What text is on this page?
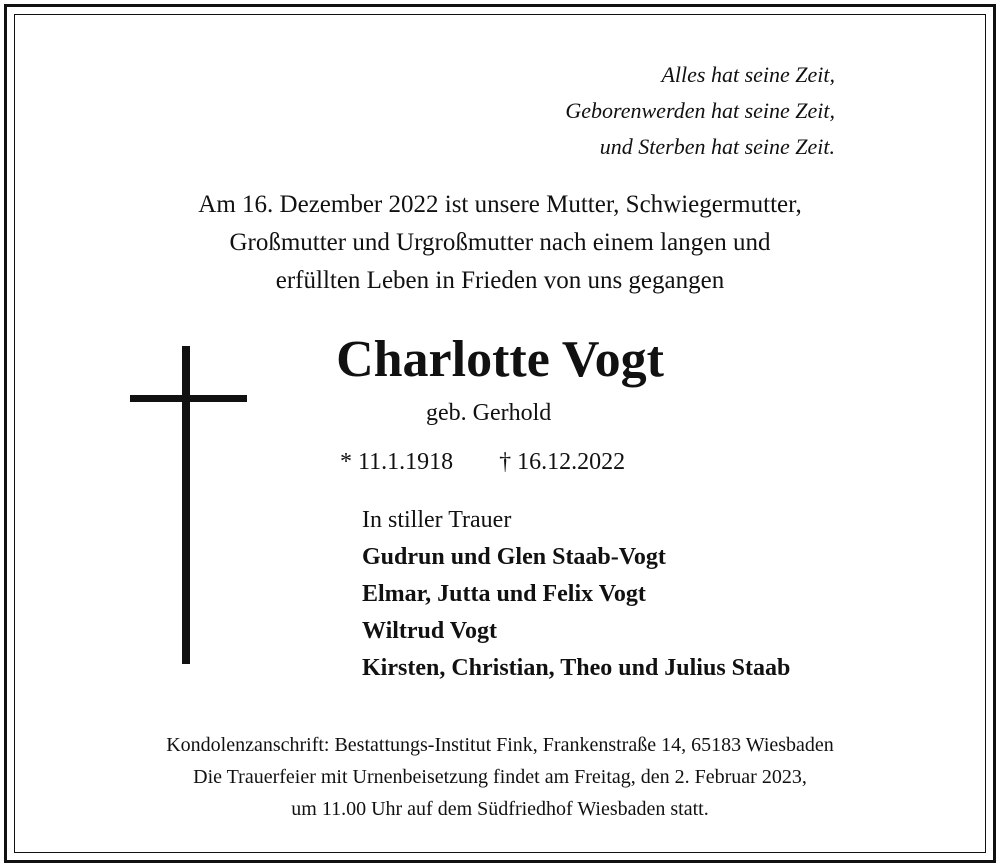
Alles hat seine Zeit,
Geborenwerden hat seine Zeit,
und Sterben hat seine Zeit.
Am 16. Dezember 2022 ist unsere Mutter, Schwiegermutter,
Großmutter und Urgroßmutter nach einem langen und
erfüllten Leben in Frieden von uns gegangen
Charlotte Vogt
geb. Gerhold
* 11.1.1918 † 16.12.2022
In stiller Trauer
Gudrun und Glen Staab-Vogt
Elmar, Jutta und Felix Vogt
Wiltrud Vogt
Kirsten, Christian, Theo und Julius Staab
Kondolenzanschrift: Bestattungs-Institut Fink, Frankenstraße 14, 65183 Wiesbaden
Die Trauerfeier mit Urnenbeisetzung findet am Freitag, den 2. Februar 2023,
um 11.00 Uhr auf dem Südfriedhof Wiesbaden statt.
